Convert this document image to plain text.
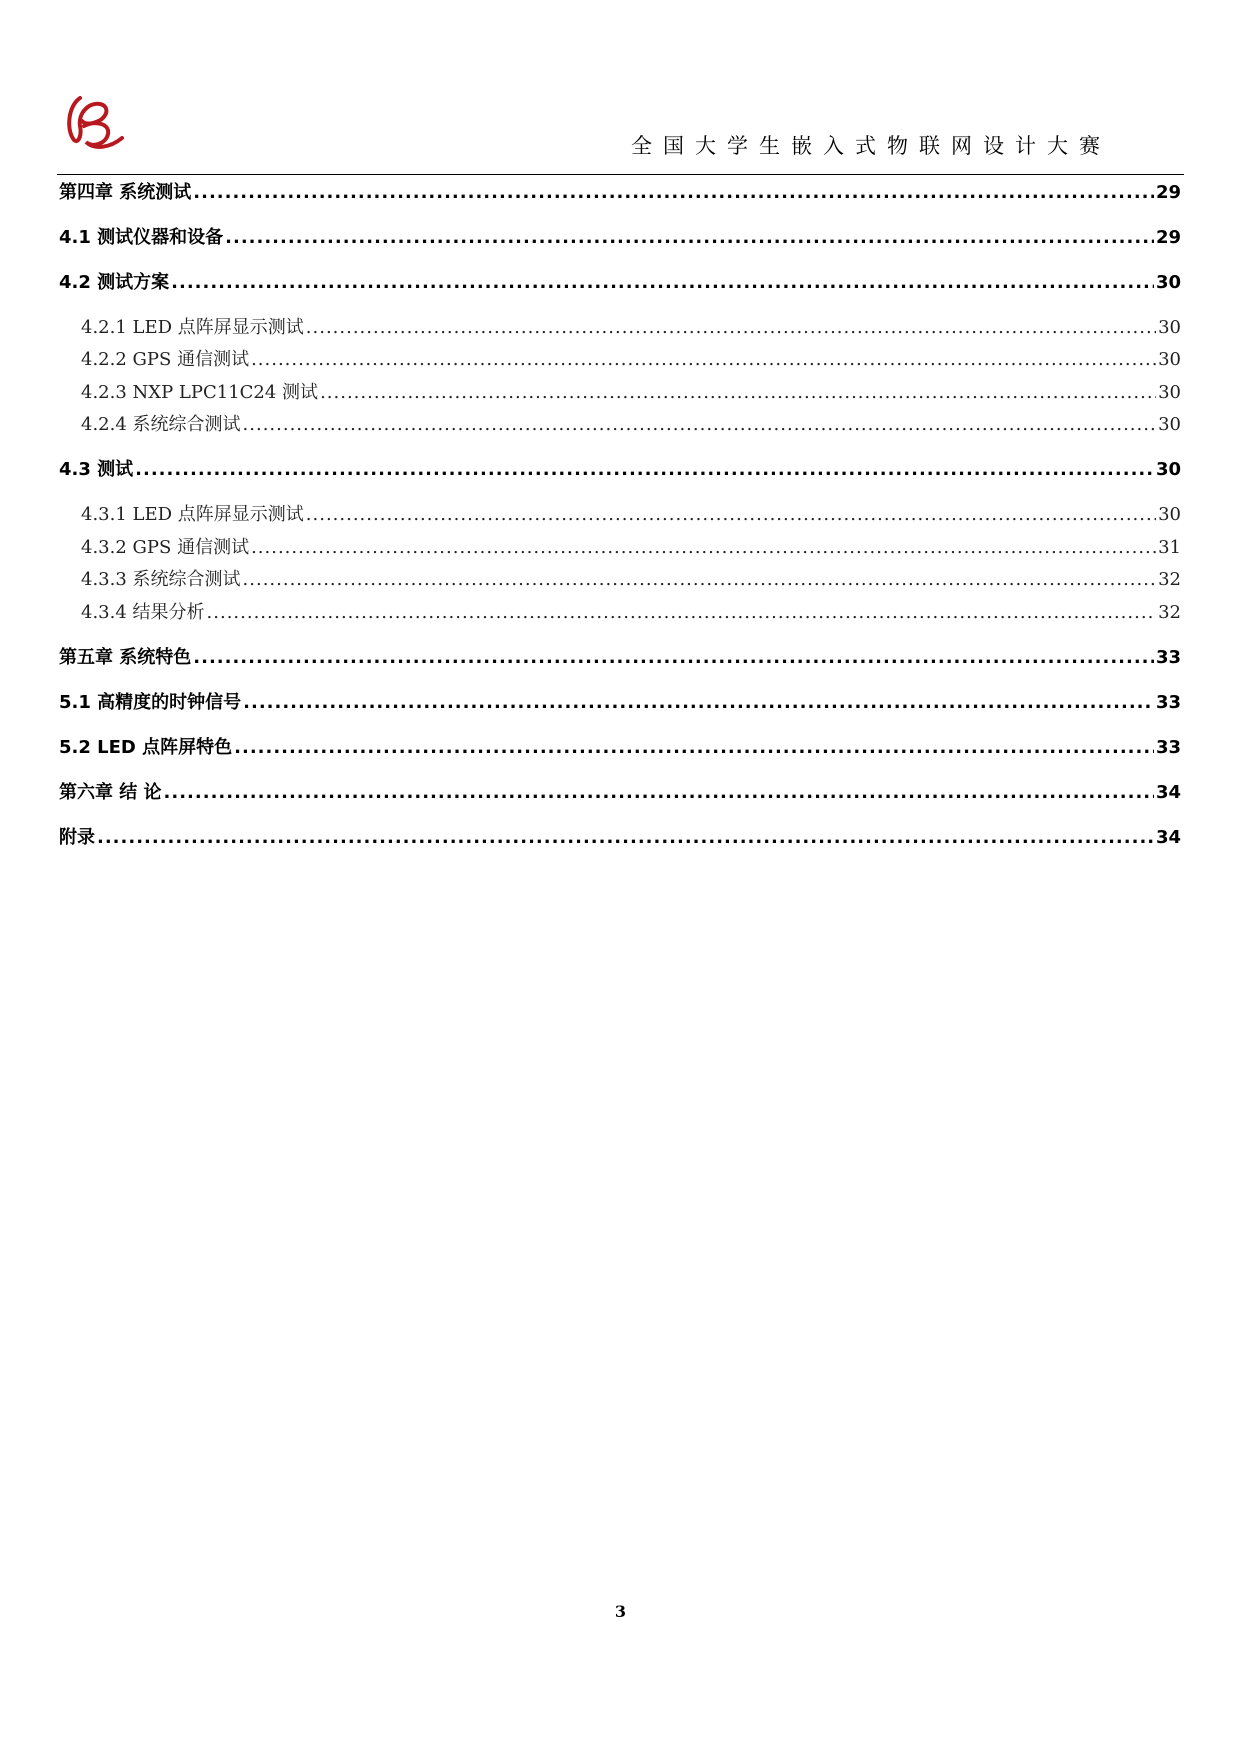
全国大学生嵌入式物联网设计大赛
第四章 系统测试 .....	29
4.1 测试仪器和设备 .....	29
4.2 测试方案 .....	30
4.2.1 LED 点阵屏显示测试 .....	30
4.2.2 GPS 通信测试 .....	30
4.2.3 NXP LPC11C24 测试 .....	30
4.2.4 系统综合测试 .....	30
4.3 测试 .....	30
4.3.1 LED 点阵屏显示测试 .....	30
4.3.2 GPS 通信测试 .....	31
4.3.3 系统综合测试 .....	32
4.3.4 结果分析 .....	32
第五章 系统特色 .....	33
5.1 高精度的时钟信号 .....	33
5.2 LED 点阵屏特色 .....	33
第六章 结 论 .....	34
附录 .....	34
3
